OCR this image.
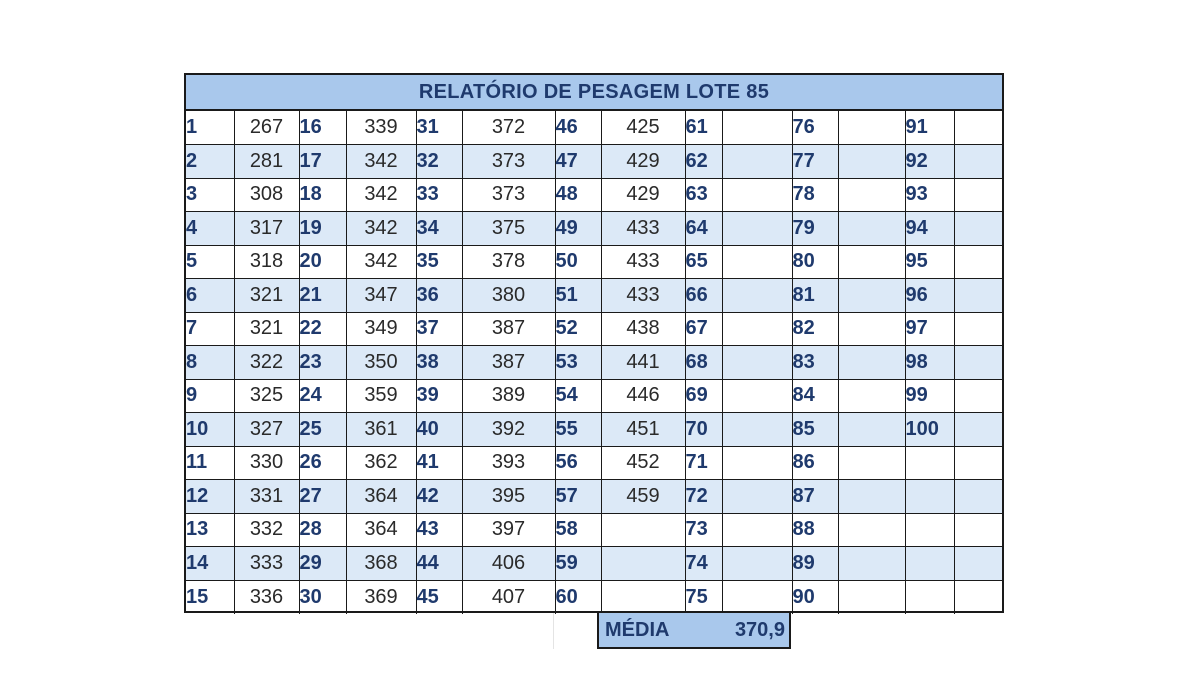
RELATÓRIO DE PESAGEM LOTE 85
1	267	16	339	31	372	46	425	61		76		91	
2	281	17	342	32	373	47	429	62		77		92	
3	308	18	342	33	373	48	429	63		78		93	
4	317	19	342	34	375	49	433	64		79		94	
5	318	20	342	35	378	50	433	65		80		95	
6	321	21	347	36	380	51	433	66		81		96	
7	321	22	349	37	387	52	438	67		82		97	
8	322	23	350	38	387	53	441	68		83		98	
9	325	24	359	39	389	54	446	69		84		99	
10	327	25	361	40	392	55	451	70		85		100	
11	330	26	362	41	393	56	452	71		86			
12	331	27	364	42	395	57	459	72		87			
13	332	28	364	43	397	58		73		88			
14	333	29	368	44	406	59		74		89			
15	336	30	369	45	407	60		75		90			
MÉDIA	370,9
